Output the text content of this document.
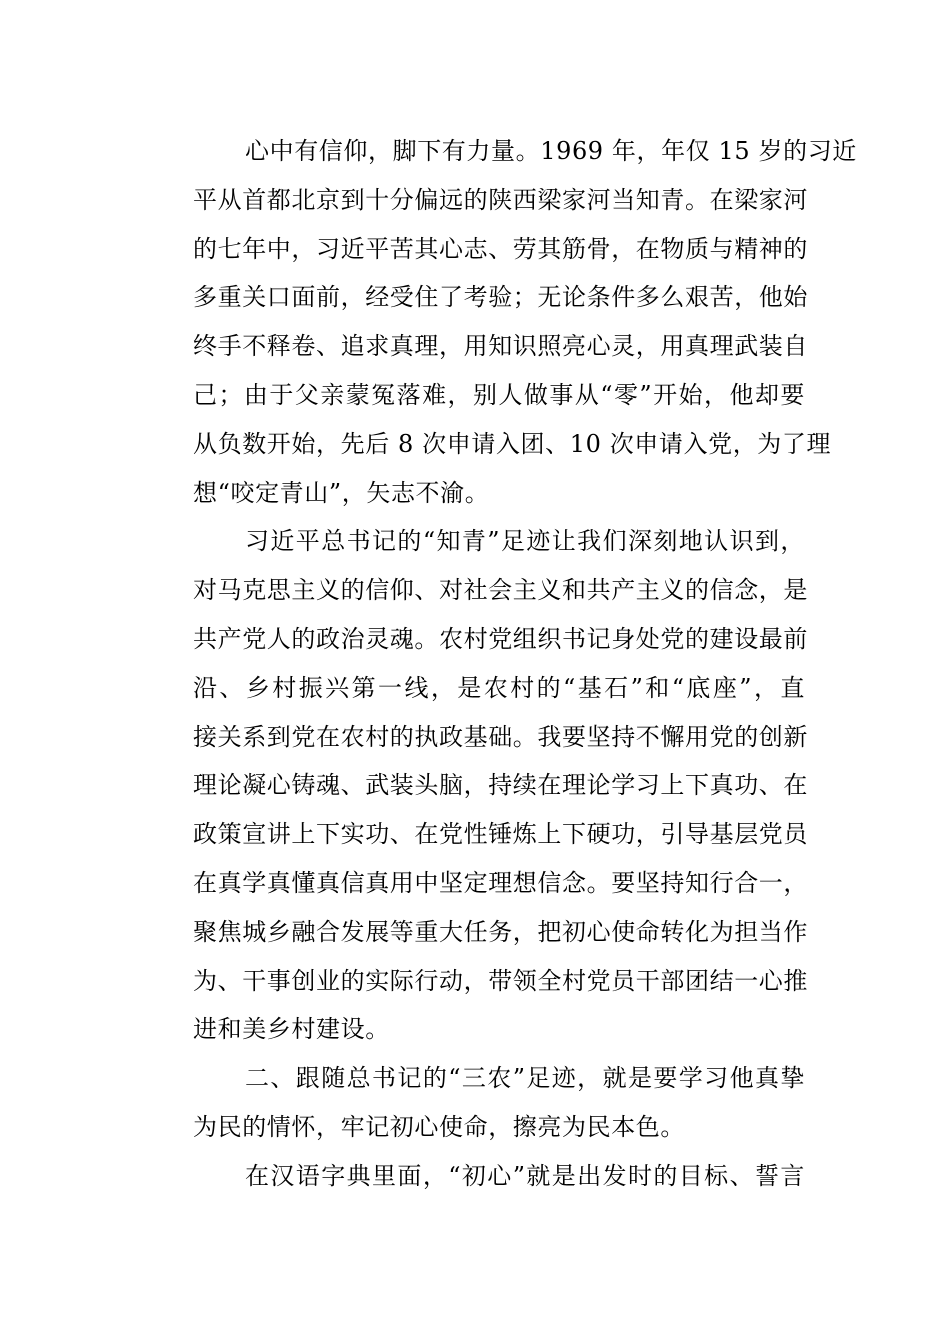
心中有信仰，脚下有力量。1969 年，年仅 15 岁的习近
平从首都北京到十分偏远的陕西梁家河当知青。在梁家河
的七年中，习近平苦其心志、劳其筋骨，在物质与精神的
多重关口面前，经受住了考验；无论条件多么艰苦，他始
终手不释卷、追求真理，用知识照亮心灵，用真理武装自
己；由于父亲蒙冤落难，别人做事从“零”开始，他却要
从负数开始，先后 8 次申请入团、10 次申请入党，为了理
想“咬定青山”，矢志不渝。

习近平总书记的“知青”足迹让我们深刻地认识到，
对马克思主义的信仰、对社会主义和共产主义的信念，是
共产党人的政治灵魂。农村党组织书记身处党的建设最前
沿、乡村振兴第一线，是农村的“基石”和“底座”，直
接关系到党在农村的执政基础。我要坚持不懈用党的创新
理论凝心铸魂、武装头脑，持续在理论学习上下真功、在
政策宣讲上下实功、在党性锤炼上下硬功，引导基层党员
在真学真懂真信真用中坚定理想信念。要坚持知行合一，
聚焦城乡融合发展等重大任务，把初心使命转化为担当作
为、干事创业的实际行动，带领全村党员干部团结一心推
进和美乡村建设。

二、跟随总书记的“三农”足迹，就是要学习他真挚
为民的情怀，牢记初心使命，擦亮为民本色。

在汉语字典里面，“初心”就是出发时的目标、誓言
